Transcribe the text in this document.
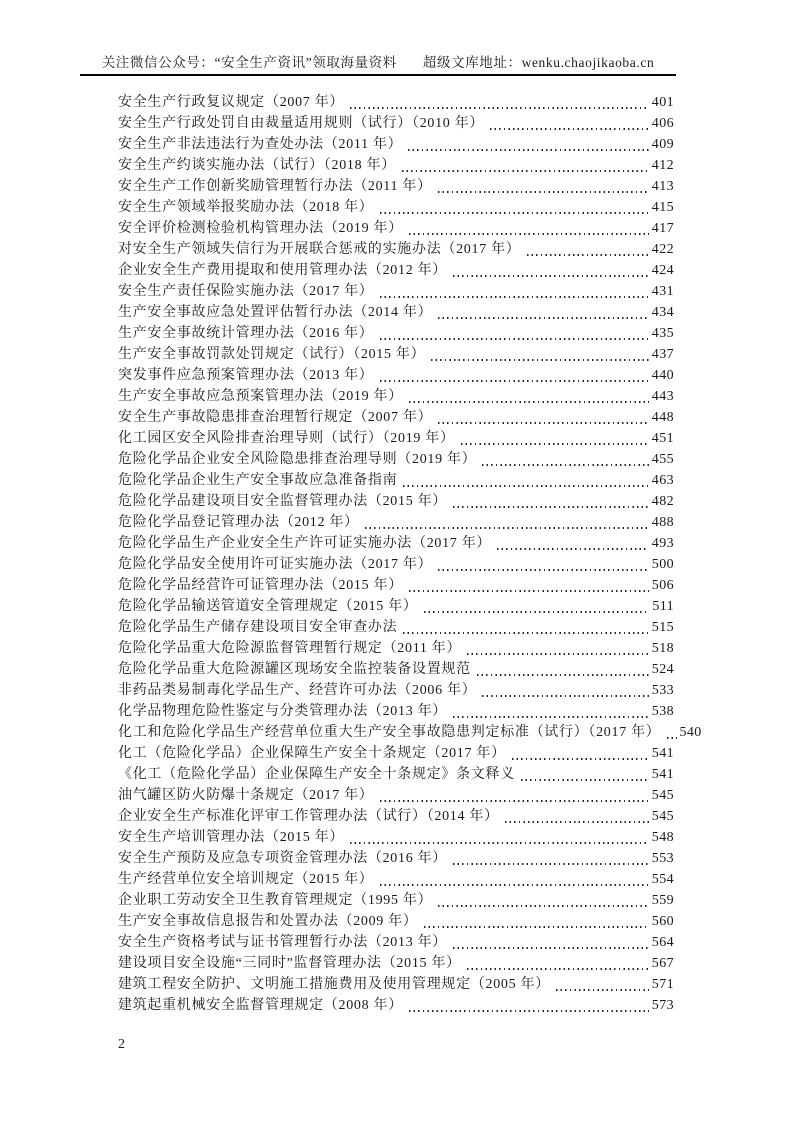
关注微信公众号：“安全生产资讯”领取海量资料 超级文库地址：wenku.chaojikaoba.cn
安全生产行政复议规定（2007 年）	401
安全生产行政处罚自由裁量适用规则（试行）（2010 年）	406
安全生产非法违法行为查处办法（2011 年）	409
安全生产约谈实施办法（试行）（2018 年）	412
安全生产工作创新奖励管理暂行办法（2011 年）	413
安全生产领域举报奖励办法（2018 年）	415
安全评价检测检验机构管理办法（2019 年）	417
对安全生产领域失信行为开展联合惩戒的实施办法（2017 年）	422
企业安全生产费用提取和使用管理办法（2012 年）	424
安全生产责任保险实施办法（2017 年）	431
生产安全事故应急处置评估暂行办法（2014 年）	434
生产安全事故统计管理办法（2016 年）	435
生产安全事故罚款处罚规定（试行）（2015 年）	437
突发事件应急预案管理办法（2013 年）	440
生产安全事故应急预案管理办法（2019 年）	443
安全生产事故隐患排查治理暂行规定（2007 年）	448
化工园区安全风险排查治理导则（试行）（2019 年）	451
危险化学品企业安全风险隐患排查治理导则（2019 年）	455
危险化学品企业生产安全事故应急准备指南	463
危险化学品建设项目安全监督管理办法（2015 年）	482
危险化学品登记管理办法（2012 年）	488
危险化学品生产企业安全生产许可证实施办法（2017 年）	493
危险化学品安全使用许可证实施办法（2017 年）	500
危险化学品经营许可证管理办法（2015 年）	506
危险化学品输送管道安全管理规定（2015 年）	511
危险化学品生产储存建设项目安全审查办法	515
危险化学品重大危险源监督管理暂行规定（2011 年）	518
危险化学品重大危险源罐区现场安全监控装备设置规范	524
非药品类易制毒化学品生产、经营许可办法（2006 年）	533
化学品物理危险性鉴定与分类管理办法（2013 年）	538
化工和危险化学品生产经营单位重大生产安全事故隐患判定标准（试行）（2017 年） 540
化工（危险化学品）企业保障生产安全十条规定（2017 年）	541
《化工（危险化学品）企业保障生产安全十条规定》条文释义	541
油气罐区防火防爆十条规定（2017 年）	545
企业安全生产标准化评审工作管理办法（试行）（2014 年）	545
安全生产培训管理办法（2015 年）	548
安全生产预防及应急专项资金管理办法（2016 年）	553
生产经营单位安全培训规定（2015 年）	554
企业职工劳动安全卫生教育管理规定（1995 年）	559
生产安全事故信息报告和处置办法（2009 年）	560
安全生产资格考试与证书管理暂行办法（2013 年）	564
建设项目安全设施“三同时”监督管理办法（2015 年）	567
建筑工程安全防护、文明施工措施费用及使用管理规定（2005 年）	571
建筑起重机械安全监督管理规定（2008 年）	573
2
